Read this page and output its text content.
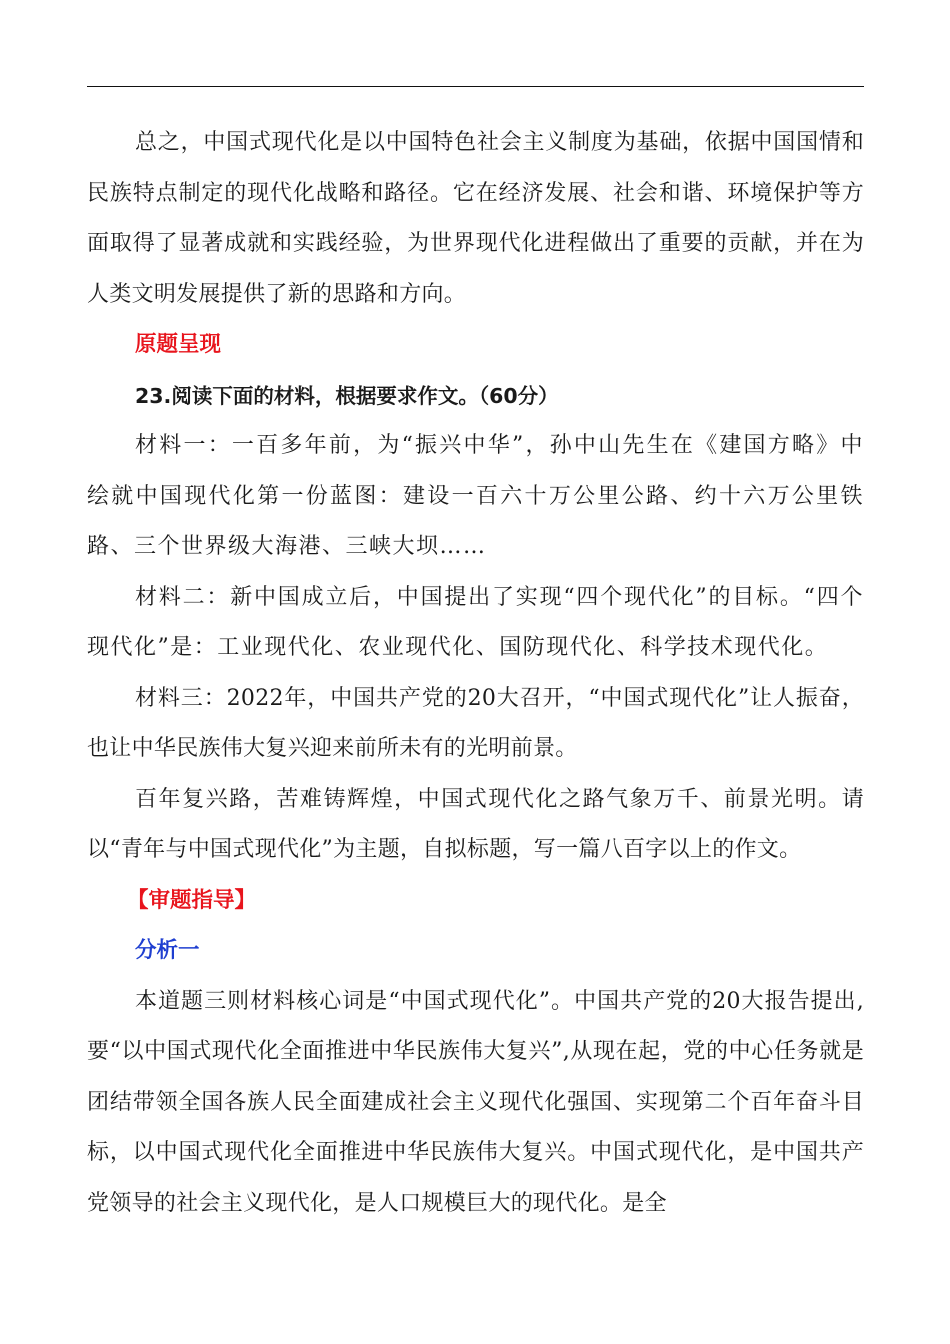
总之，中国式现代化是以中国特色社会主义制度为基础，依据中国国情和民族特点制定的现代化战略和路径。它在经济发展、社会和谐、环境保护等方面取得了显著成就和实践经验，为世界现代化进程做出了重要的贡献，并在为人类文明发展提供了新的思路和方向。

原题呈现

23.阅读下面的材料，根据要求作文。（60分）

材料一：一百多年前，为“振兴中华”，孙中山先生在《建国方略》中绘就中国现代化第一份蓝图：建设一百六十万公里公路、约十六万公里铁路、三个世界级大海港、三峡大坝……

材料二：新中国成立后，中国提出了实现“四个现代化”的目标。“四个现代化”是：工业现代化、农业现代化、国防现代化、科学技术现代化。

材料三：2022年，中国共产党的20大召开，“中国式现代化”让人振奋，也让中华民族伟大复兴迎来前所未有的光明前景。

百年复兴路，苦难铸辉煌，中国式现代化之路气象万千、前景光明。请以“青年与中国式现代化”为主题，自拟标题，写一篇八百字以上的作文。

【审题指导】

分析一

本道题三则材料核心词是“中国式现代化”。中国共产党的20大报告提出,要“以中国式现代化全面推进中华民族伟大复兴”,从现在起，党的中心任务就是团结带领全国各族人民全面建成社会主义现代化强国、实现第二个百年奋斗目标，以中国式现代化全面推进中华民族伟大复兴。中国式现代化，是中国共产党领导的社会主义现代化，是人口规模巨大的现代化。是全
